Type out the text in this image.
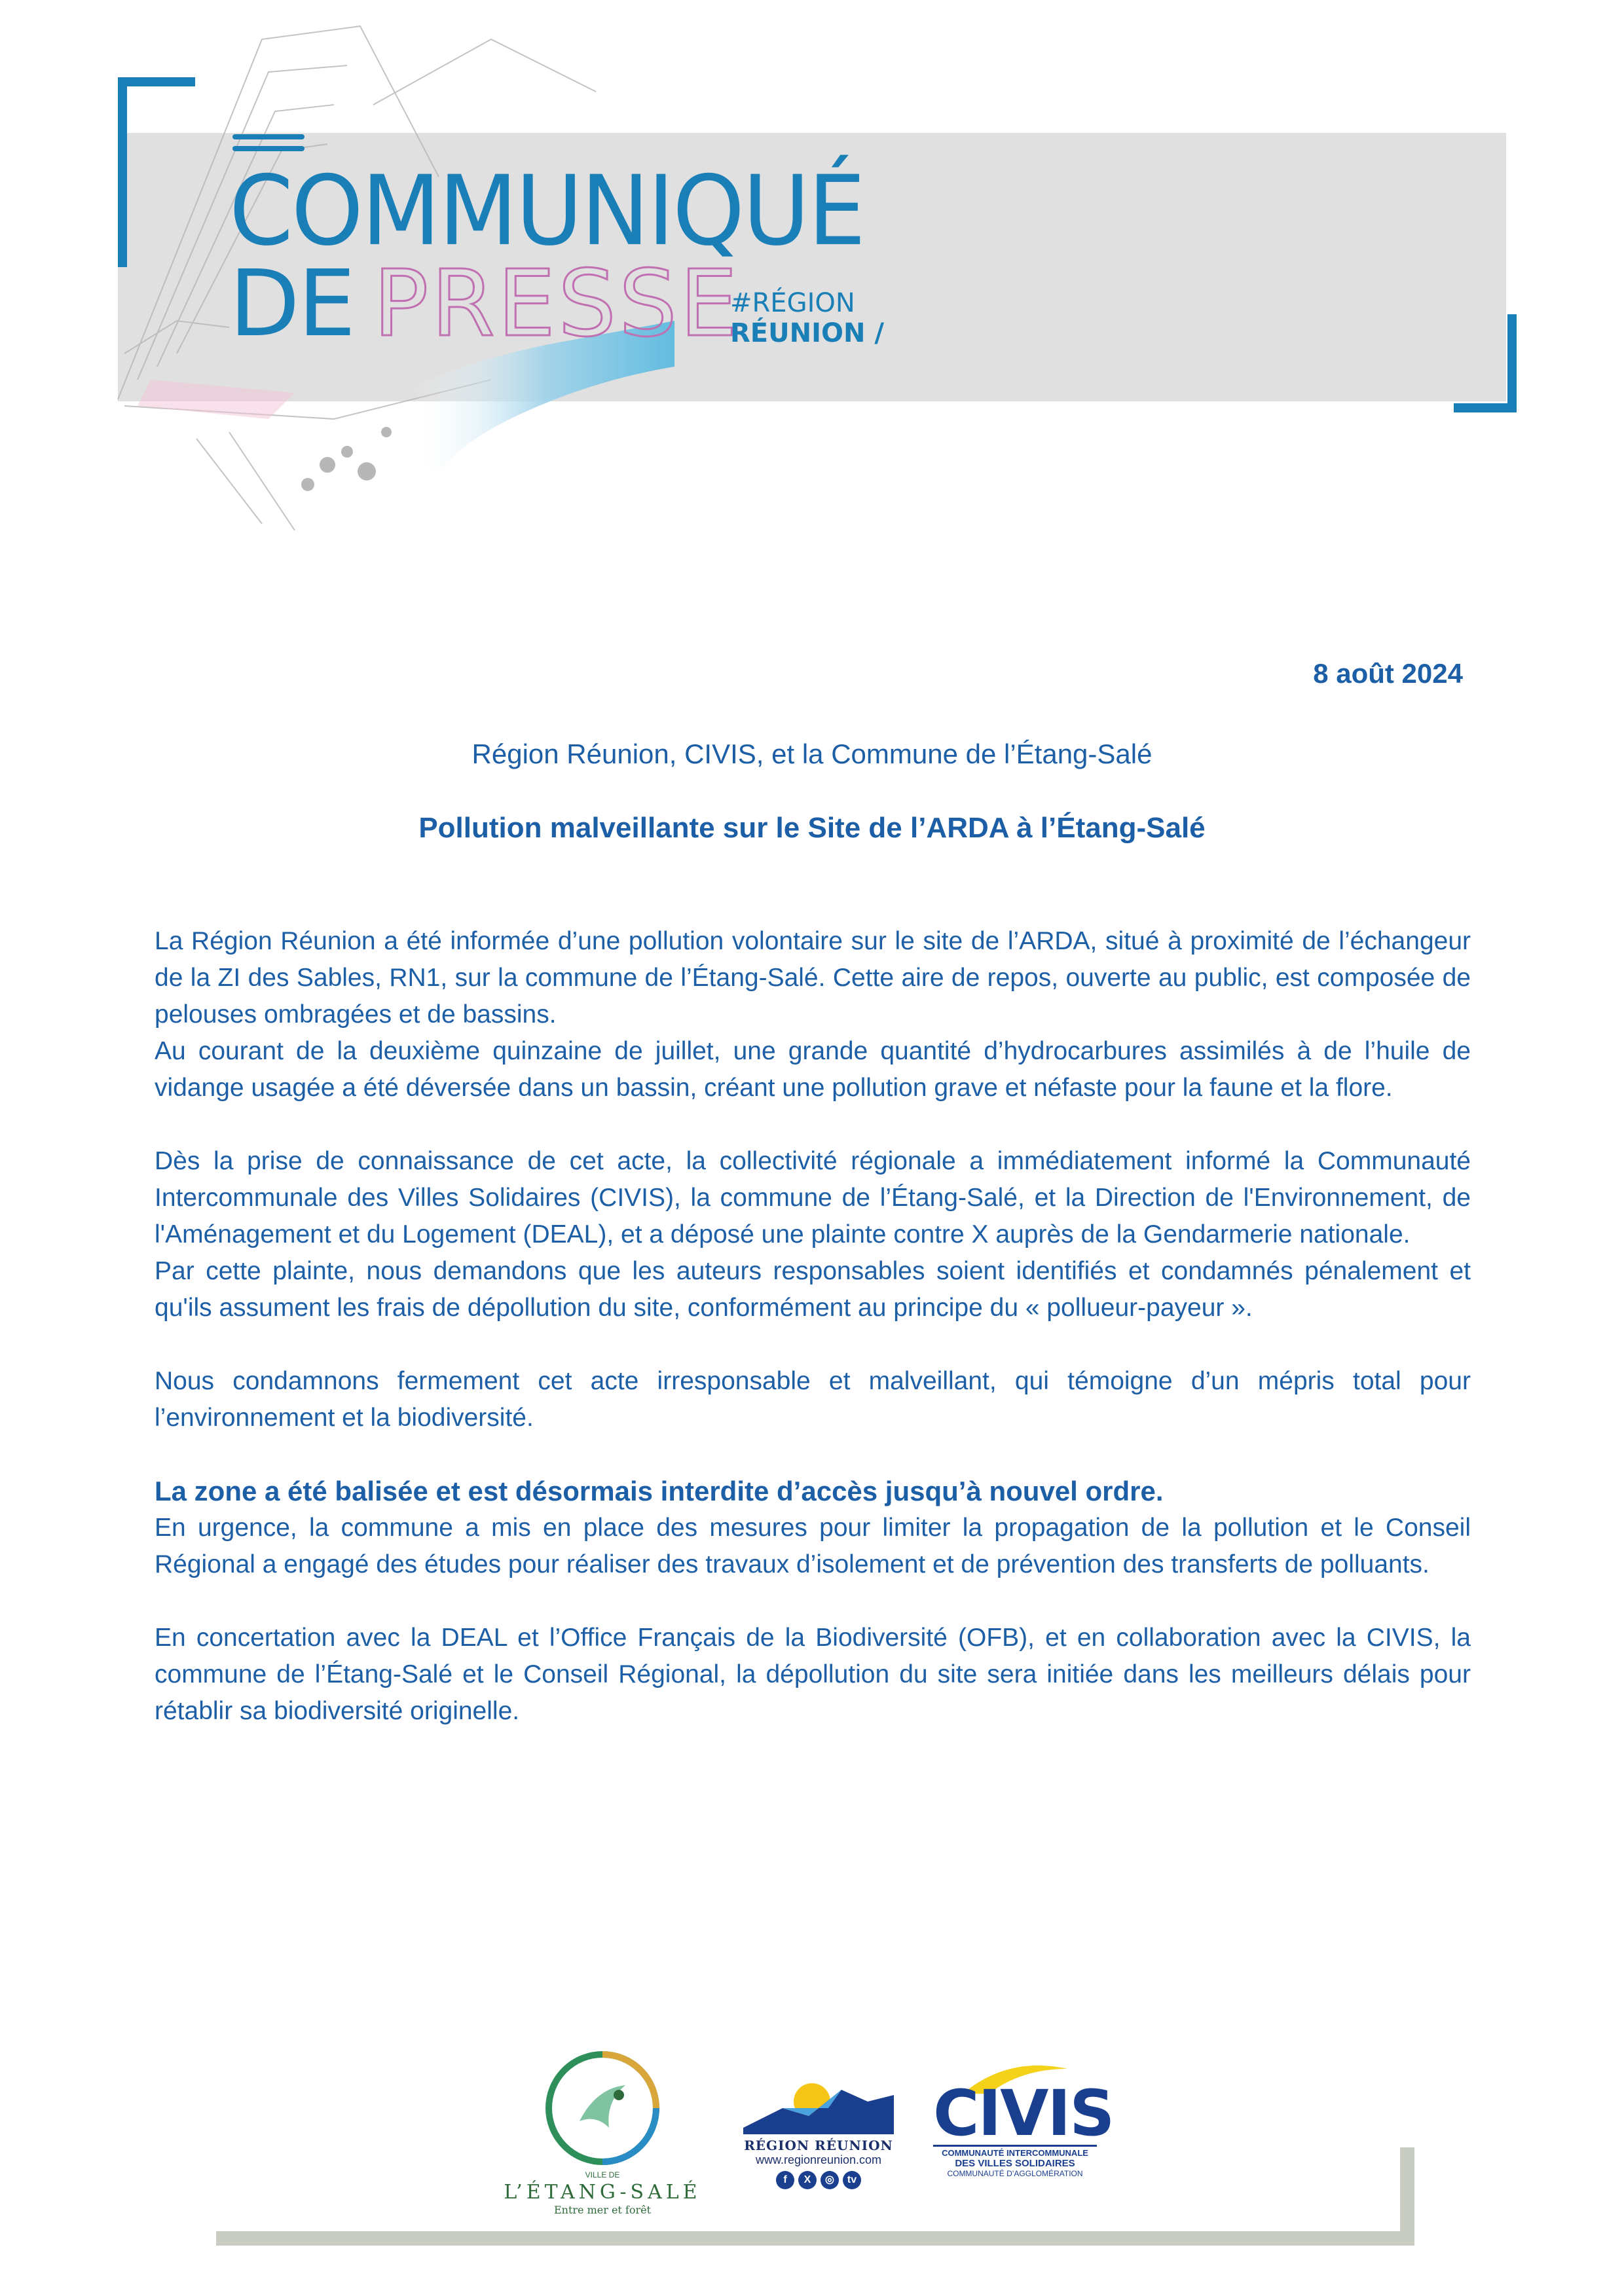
COMMUNIQUÉ
DE PRESSE
#RÉGION
RÉUNION /
8 août 2024
Région Réunion, CIVIS, et la Commune de l’Étang-Salé
Pollution malveillante sur le Site de l’ARDA à l’Étang-Salé

La Région Réunion a été informée d’une pollution volontaire sur le site de l’ARDA, situé à proximité de l’échangeur de la ZI des Sables, RN1, sur la commune de l’Étang-Salé. Cette aire de repos, ouverte au public, est composée de pelouses ombragées et de bassins.

Au courant de la deuxième quinzaine de juillet, une grande quantité d’hydrocarbures assimilés à de l’huile de vidange usagée a été déversée dans un bassin, créant une pollution grave et néfaste pour la faune et la flore.

Dès la prise de connaissance de cet acte, la collectivité régionale a immédiatement informé la Communauté Intercommunale des Villes Solidaires (CIVIS), la commune de l’Étang-Salé, et la Direction de l'Environnement, de l'Aménagement et du Logement (DEAL), et a déposé une plainte contre X auprès de la Gendarmerie nationale.

Par cette plainte, nous demandons que les auteurs responsables soient identifiés et condamnés pénalement et qu'ils assument les frais de dépollution du site, conformément au principe du « pollueur-payeur ».

Nous condamnons fermement cet acte irresponsable et malveillant, qui témoigne d’un mépris total pour l’environnement et la biodiversité.

La zone a été balisée et est désormais interdite d’accès jusqu’à nouvel ordre.

En urgence, la commune a mis en place des mesures pour limiter la propagation de la pollution et le Conseil Régional a engagé des études pour réaliser des travaux d’isolement et de prévention des transferts de polluants.

En concertation avec la DEAL et l’Office Français de la Biodiversité (OFB), et en collaboration avec la CIVIS, la commune de l’Étang-Salé et le Conseil Régional, la dépollution du site sera initiée dans les meilleurs délais pour rétablir sa biodiversité originelle.

VILLE DE
L’ÉTANG-SALÉ
Entre mer et forêt
RÉGION RÉUNION
www.regionreunion.com
f	X	◎	tv
CIVIS
COMMUNAUTÉ INTERCOMMUNALE
DES VILLES SOLIDAIRES
COMMUNAUTÉ D’AGGLOMÉRATION
